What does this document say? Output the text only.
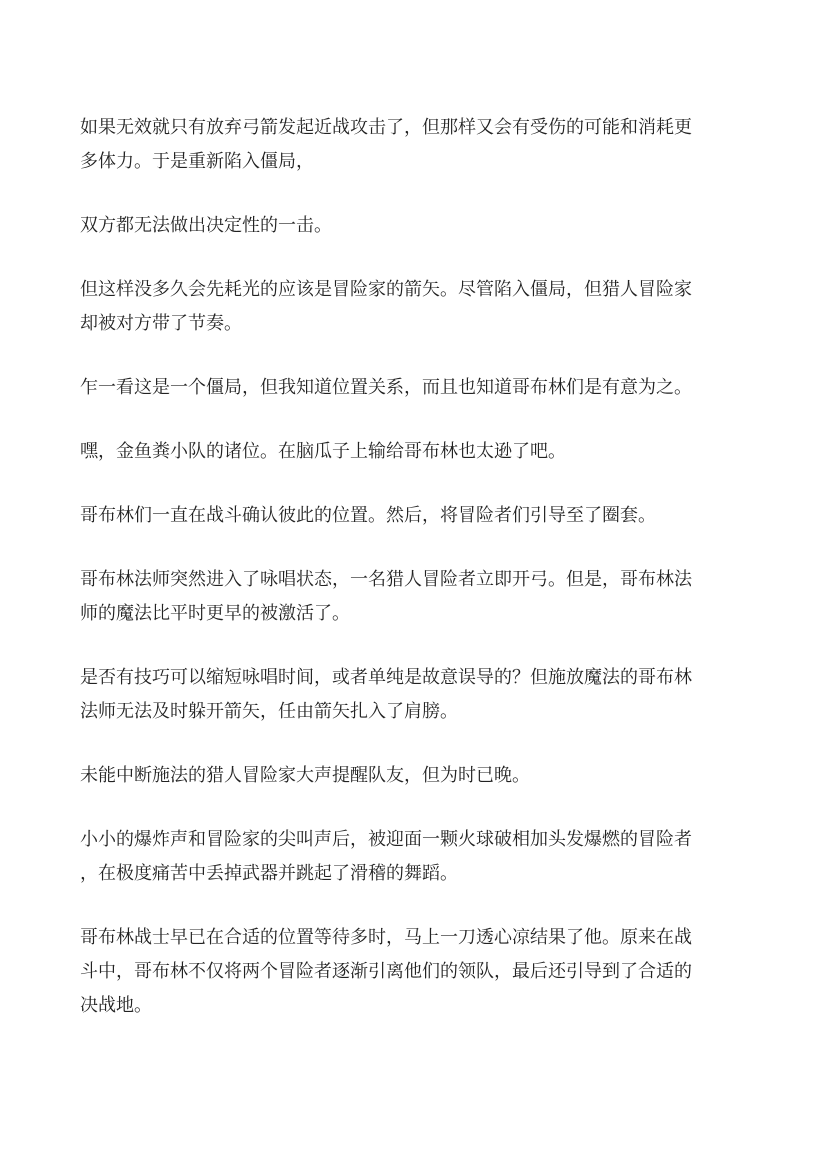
如果无效就只有放弃弓箭发起近战攻击了，但那样又会有受伤的可能和消耗更
多体力。于是重新陷入僵局，

双方都无法做出决定性的一击。

但这样没多久会先耗光的应该是冒险家的箭矢。尽管陷入僵局，但猎人冒险家
却被对方带了节奏。

乍一看这是一个僵局，但我知道位置关系，而且也知道哥布林们是有意为之。

嘿，金鱼粪小队的诸位。在脑瓜子上输给哥布林也太逊了吧。

哥布林们一直在战斗确认彼此的位置。然后，将冒险者们引导至了圈套。

哥布林法师突然进入了咏唱状态，一名猎人冒险者立即开弓。但是，哥布林法
师的魔法比平时更早的被激活了。

是否有技巧可以缩短咏唱时间，或者单纯是故意误导的？但施放魔法的哥布林
法师无法及时躲开箭矢，任由箭矢扎入了肩膀。

未能中断施法的猎人冒险家大声提醒队友，但为时已晚。

小小的爆炸声和冒险家的尖叫声后，被迎面一颗火球破相加头发爆燃的冒险者
，在极度痛苦中丢掉武器并跳起了滑稽的舞蹈。

哥布林战士早已在合适的位置等待多时，马上一刀透心凉结果了他。原来在战
斗中，哥布林不仅将两个冒险者逐渐引离他们的领队，最后还引导到了合适的
决战地。
